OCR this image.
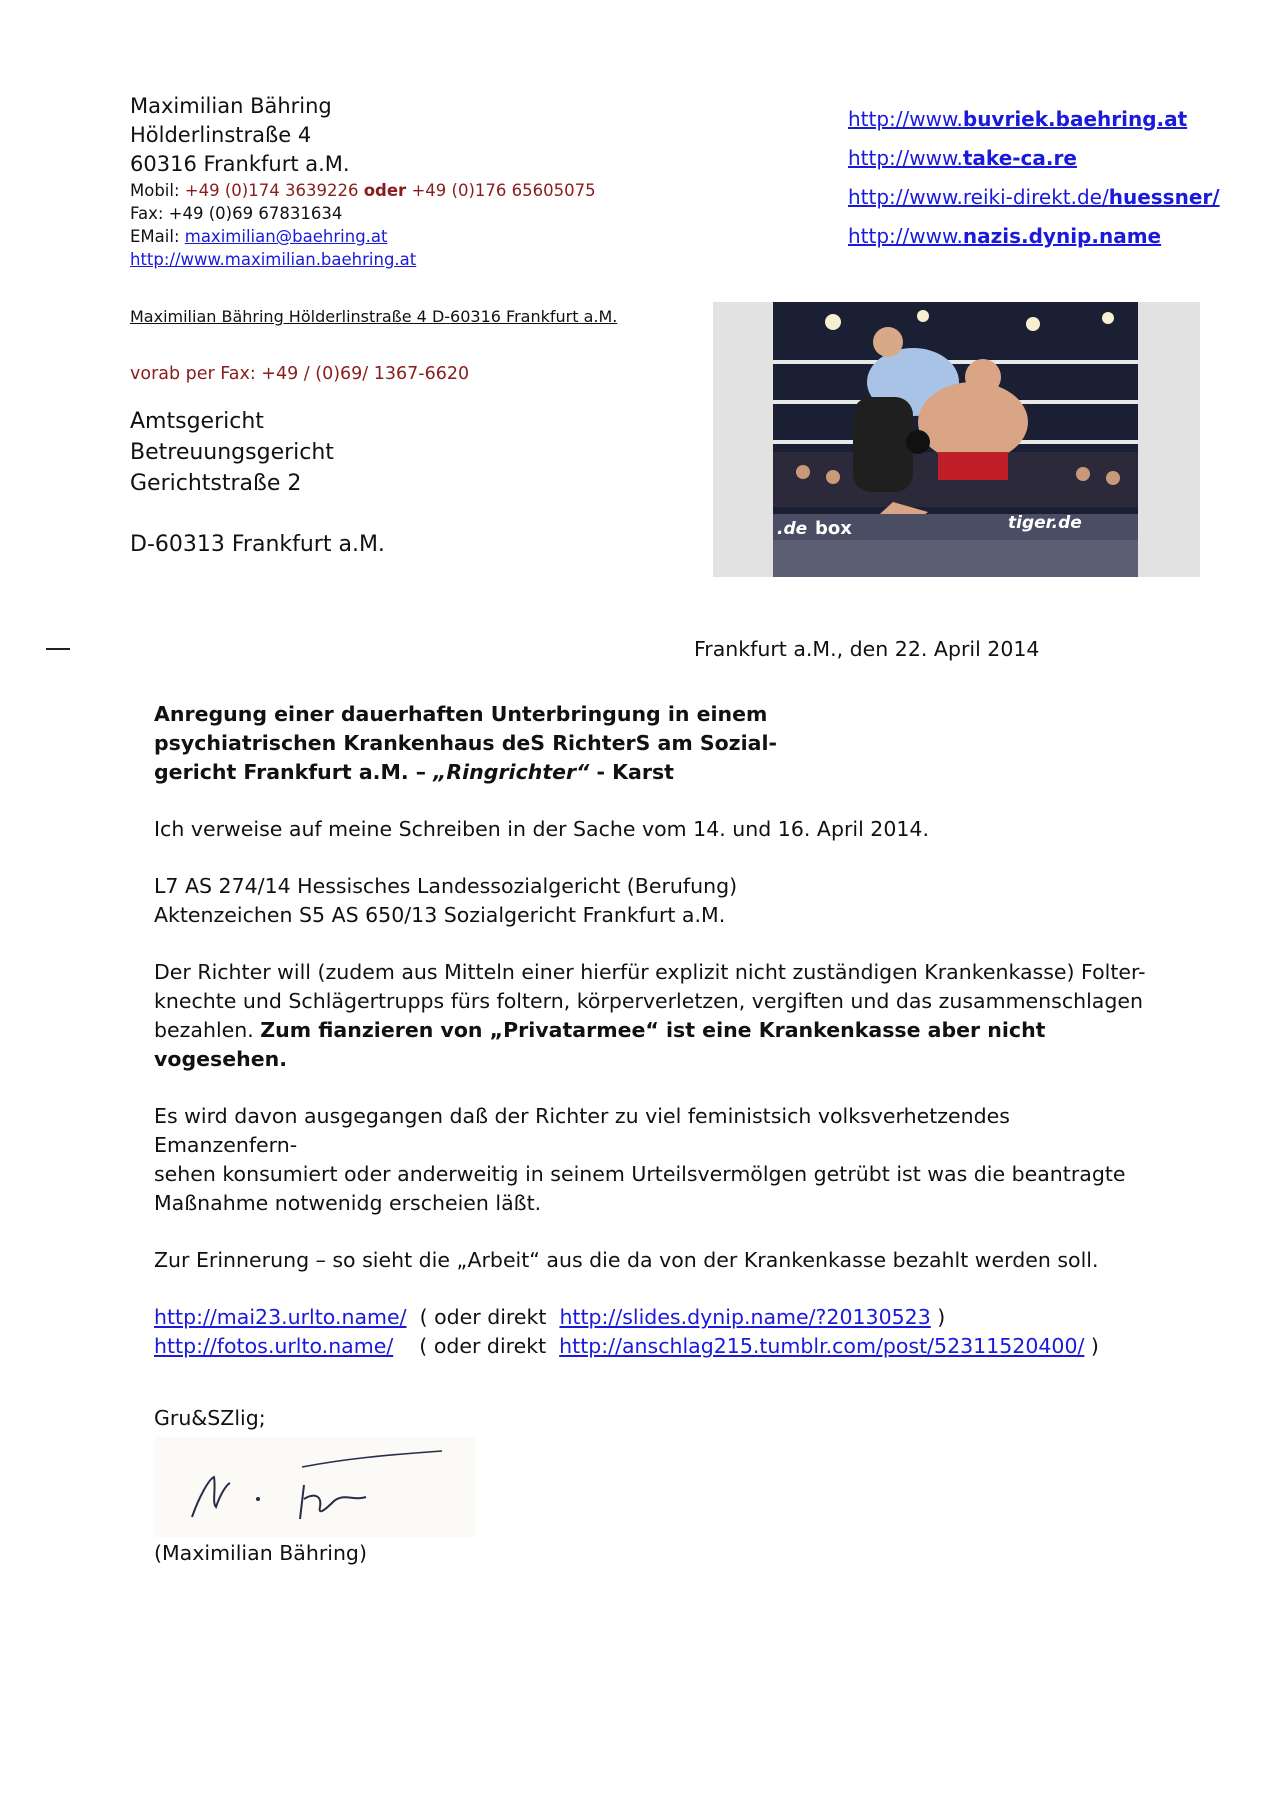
Maximilian Bähring
Hölderlinstraße 4
60316 Frankfurt a.M.
Mobil: +49 (0)174 3639226 oder +49 (0)176 65605075
Fax: +49 (0)69 67831634
EMail: maximilian@baehring.at
http://www.maximilian.baehring.at
http://www.buvriek.baehring.at
http://www.take-ca.re
http://www.reiki-direkt.de/huessner/
http://www.nazis.dynip.name
Maximilian Bähring Hölderlinstraße 4 D-60316 Frankfurt a.M.
vorab per Fax: +49 / (0)69/ 1367-6620
Amtsgericht
Betreuungsgericht
Gerichtstraße 2
D-60313 Frankfurt a.M.
.de box	tiger.de
Frankfurt a.M., den 22. April 2014

Anregung einer dauerhaften Unterbringung in einem

psychiatrischen Krankenhaus deS RichterS am Sozial-

gericht Frankfurt a.M. – „Ringrichter“ - Karst

Ich verweise auf meine Schreiben in der Sache vom 14. und 16. April 2014.

L7 AS 274/14 Hessisches Landessozialgericht (Berufung)

Aktenzeichen S5 AS 650/13 Sozialgericht Frankfurt a.M.

Der Richter will (zudem aus Mitteln einer hierfür explizit nicht zuständigen Krankenkasse) Folter-

knechte und Schlägertrupps fürs foltern, körperverletzen, vergiften und das zusammenschlagen

bezahlen. Zum fianzieren von „Privatarmee“ ist eine Krankenkasse aber nicht vogesehen.

Es wird davon ausgegangen daß der Richter zu viel feministsich volksverhetzendes Emanzenfern-

sehen konsumiert oder anderweitig in seinem Urteilsvermölgen getrübt ist was die beantragte

Maßnahme notwenidg erscheien läßt.

Zur Erinnerung – so sieht die „Arbeit“ aus die da von der Krankenkasse bezahlt werden soll.

http://mai23.urlto.name/  ( oder direkt  http://slides.dynip.name/?20130523 )

http://fotos.urlto.name/    ( oder direkt  http://anschlag215.tumblr.com/post/52311520400/ )

Gru&SZlig;

(Maximilian Bähring)
